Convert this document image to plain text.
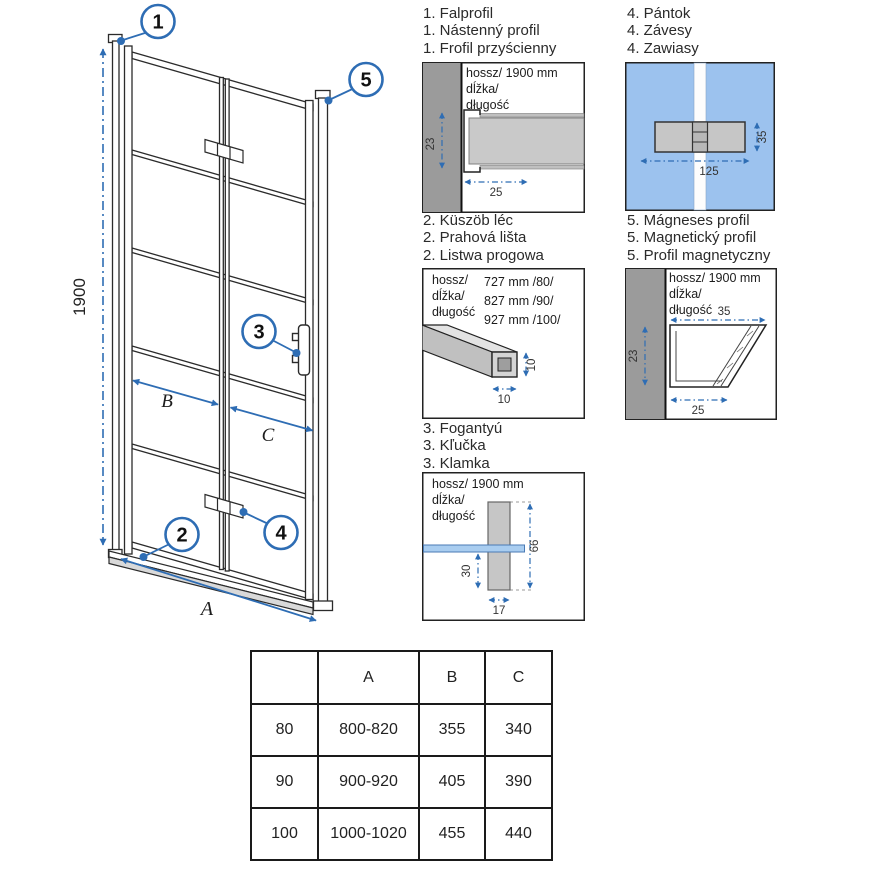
1900
B
C
A
1
5
3
2	4
1. Falprofil
1. Nástenný profil
1. Frofil przyścienny
hossz/ 1900 mm
dĺžka/
długość
23
25
4. Pántok
4. Závesy
4. Zawiasy
125
35
2. Küszöb léc
2. Prahová lišta
2. Listwa progowa
hossz/
dĺžka/
długość
727 mm /80/
827 mm /90/
927 mm /100/
10
10
5. Mágneses profil
5. Magnetický profil
5. Profil magnetyczny
hossz/ 1900 mm
dĺžka/
długość 35
23
25
3. Fogantyú
3. Kľučka
3. Klamka
hossz/ 1900 mm
dĺžka/
długość
66
30
17
	A	B	C
80	800-820	355	340
90	900-920	405	390
100	1000-1020	455	440
